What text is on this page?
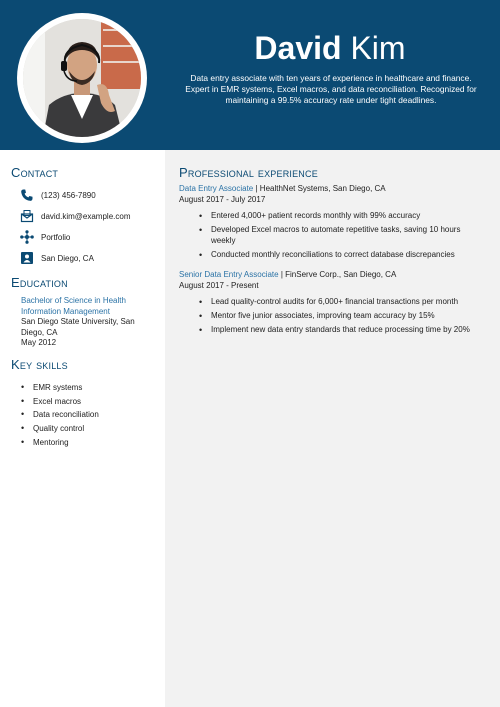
David Kim
Data entry associate with ten years of experience in healthcare and finance. Expert in EMR systems, Excel macros, and data reconciliation. Recognized for maintaining a 99.5% accuracy rate under tight deadlines.
Contact
(123) 456-7890
david.kim@example.com
Portfolio
San Diego, CA
Education
Bachelor of Science in Health Information Management
San Diego State University, San Diego, CA
May 2012
Key skills
• EMR systems
• Excel macros
• Data reconciliation
• Quality control
• Mentoring
Professional experience
Data Entry Associate | HealthNet Systems, San Diego, CA
August 2017 - July 2017
• Entered 4,000+ patient records monthly with 99% accuracy
• Developed Excel macros to automate repetitive tasks, saving 10 hours weekly
• Conducted monthly reconciliations to correct database discrepancies
Senior Data Entry Associate | FinServe Corp., San Diego, CA
August 2017 - Present
• Lead quality-control audits for 6,000+ financial transactions per month
• Mentor five junior associates, improving team accuracy by 15%
• Implement new data entry standards that reduce processing time by 20%
